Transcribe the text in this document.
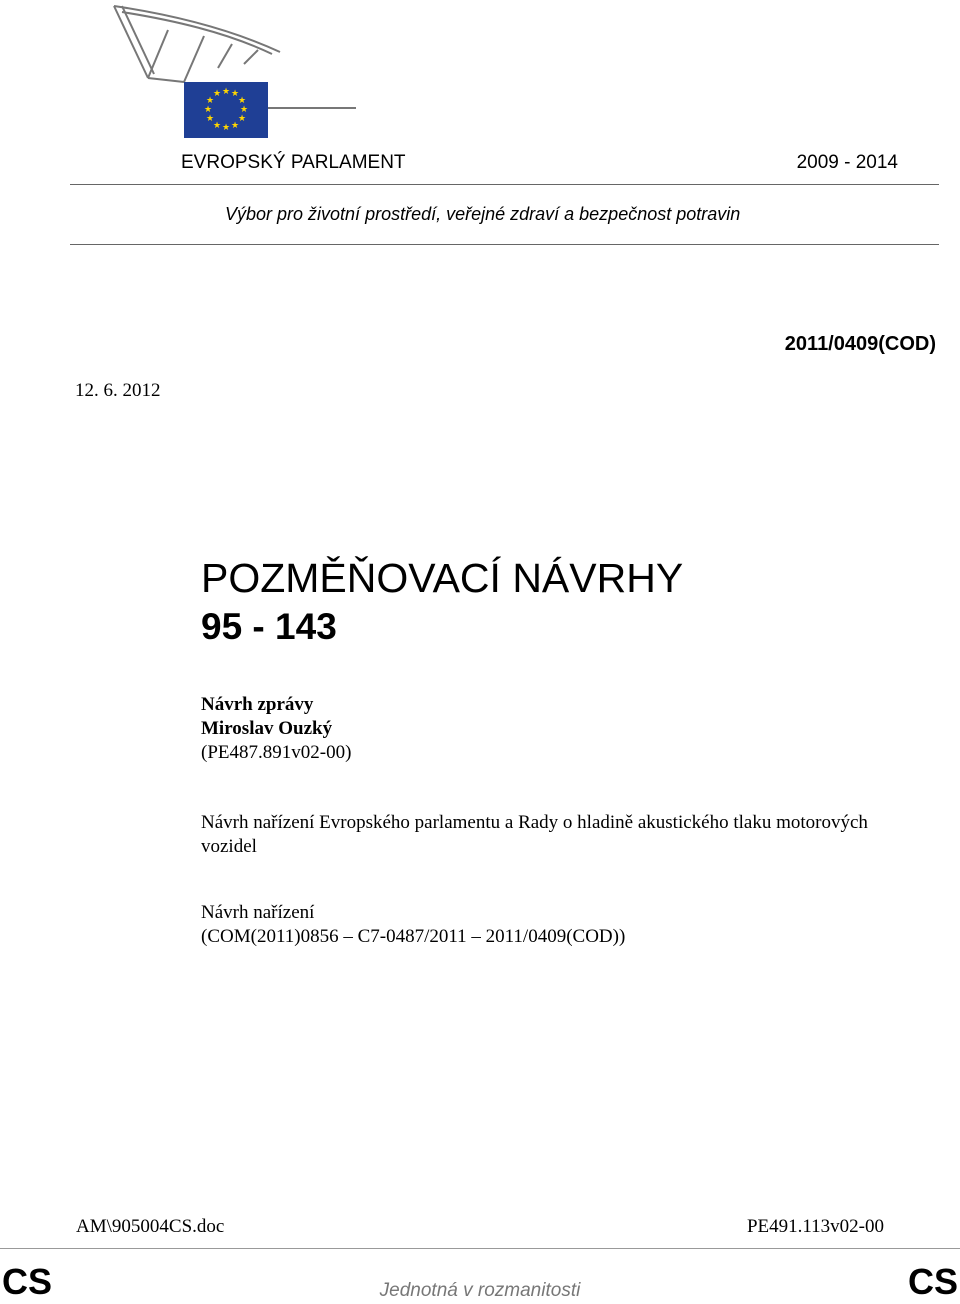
★ ★
★
★
★
★
★
★
★
★
★
★
EVROPSKÝ PARLAMENT	2009 - 2014
Výbor pro životní prostředí, veřejné zdraví a bezpečnost potravin
2011/0409(COD)
12. 6. 2012
POZMĚŇOVACÍ NÁVRHY
95 - 143
Návrh zprávy
Miroslav Ouzký
(PE487.891v02-00)
Návrh nařízení Evropského parlamentu a Rady o hladině akustického tlaku motorových vozidel
Návrh nařízení
(COM(2011)0856 – C7-0487/2011 – 2011/0409(COD))
AM\905004CS.doc	PE491.113v02-00
CS	Jednotná v rozmanitosti	CS
